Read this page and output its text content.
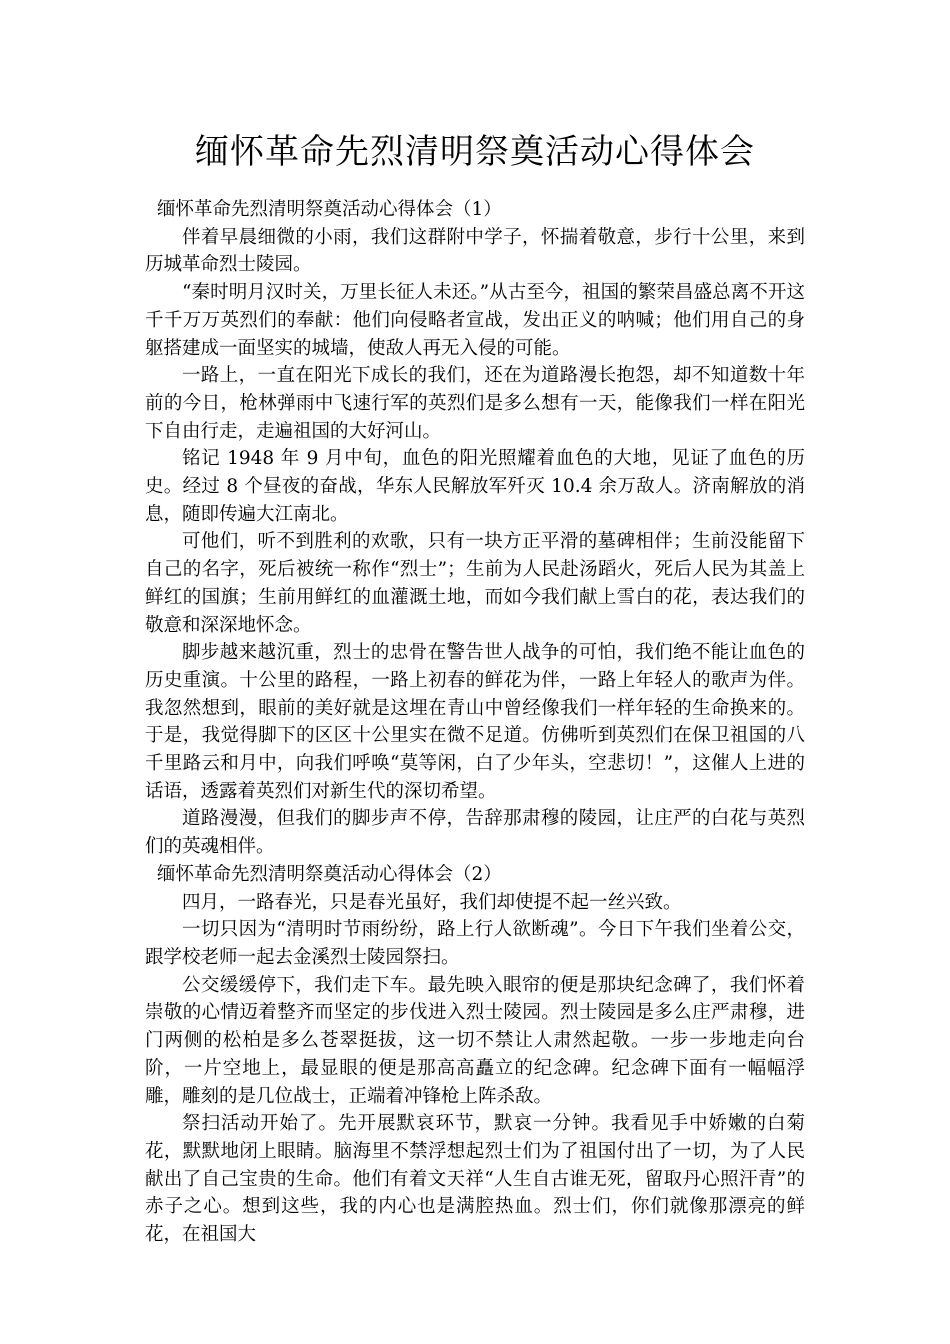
缅怀革命先烈清明祭奠活动心得体会
缅怀革命先烈清明祭奠活动心得体会（1）

伴着早晨细微的小雨，我们这群附中学子，怀揣着敬意，步行十公里，来到历城革命烈士陵园。

“秦时明月汉时关，万里长征人未还。”从古至今，祖国的繁荣昌盛总离不开这千千万万英烈们的奉献：他们向侵略者宣战，发出正义的呐喊；他们用自己的身躯搭建成一面坚实的城墙，使敌人再无入侵的可能。

一路上，一直在阳光下成长的我们，还在为道路漫长抱怨，却不知道数十年前的今日，枪林弹雨中飞速行军的英烈们是多么想有一天，能像我们一样在阳光下自由行走，走遍祖国的大好河山。

铭记 1948 年 9 月中旬，血色的阳光照耀着血色的大地，见证了血色的历史。经过 8 个昼夜的奋战，华东人民解放军歼灭 10.4 余万敌人。济南解放的消息，随即传遍大江南北。

可他们，听不到胜利的欢歌，只有一块方正平滑的墓碑相伴；生前没能留下自己的名字，死后被统一称作“烈士”；生前为人民赴汤蹈火，死后人民为其盖上鲜红的国旗；生前用鲜红的血灌溉土地，而如今我们献上雪白的花，表达我们的敬意和深深地怀念。

脚步越来越沉重，烈士的忠骨在警告世人战争的可怕，我们绝不能让血色的历史重演。十公里的路程，一路上初春的鲜花为伴，一路上年轻人的歌声为伴。我忽然想到，眼前的美好就是这埋在青山中曾经像我们一样年轻的生命换来的。于是，我觉得脚下的区区十公里实在微不足道。仿佛听到英烈们在保卫祖国的八千里路云和月中，向我们呼唤“莫等闲，白了少年头，空悲切！”，这催人上进的话语，透露着英烈们对新生代的深切希望。

道路漫漫，但我们的脚步声不停，告辞那肃穆的陵园，让庄严的白花与英烈们的英魂相伴。

缅怀革命先烈清明祭奠活动心得体会（2）

四月，一路春光，只是春光虽好，我们却使提不起一丝兴致。

一切只因为“清明时节雨纷纷，路上行人欲断魂”。今日下午我们坐着公交，跟学校老师一起去金溪烈士陵园祭扫。

公交缓缓停下，我们走下车。最先映入眼帘的便是那块纪念碑了，我们怀着崇敬的心情迈着整齐而坚定的步伐进入烈士陵园。烈士陵园是多么庄严肃穆，进门两侧的松柏是多么苍翠挺拔，这一切不禁让人肃然起敬。一步一步地走向台阶，一片空地上，最显眼的便是那高高矗立的纪念碑。纪念碑下面有一幅幅浮雕，雕刻的是几位战士，正端着冲锋枪上阵杀敌。

祭扫活动开始了。先开展默哀环节，默哀一分钟。我看见手中娇嫩的白菊花，默默地闭上眼睛。脑海里不禁浮想起烈士们为了祖国付出了一切，为了人民献出了自己宝贵的生命。他们有着文天祥“人生自古谁无死，留取丹心照汗青”的赤子之心。想到这些，我的内心也是满腔热血。烈士们，你们就像那漂亮的鲜花，在祖国大
